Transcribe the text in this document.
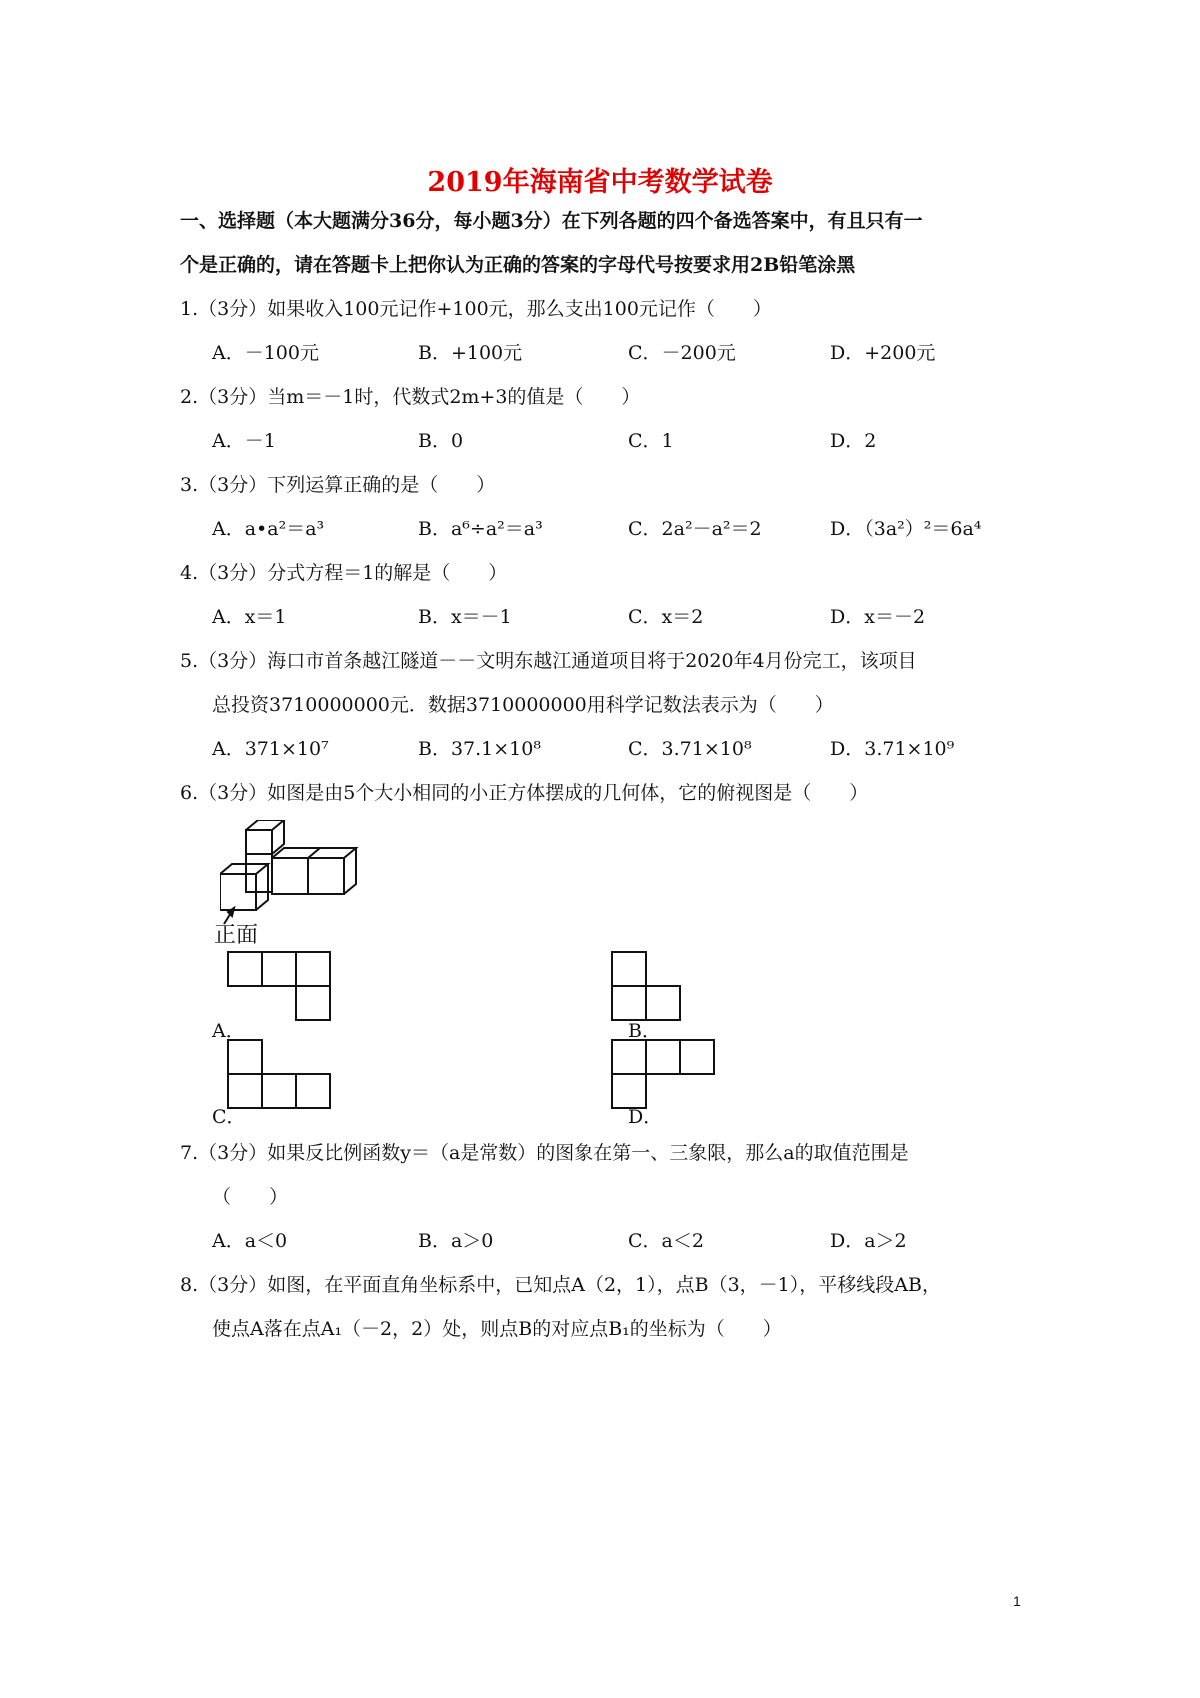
2019年海南省中考数学试卷
一、选择题（本大题满分36分，每小题3分）在下列各题的四个备选答案中，有且只有一
个是正确的，请在答题卡上把你认为正确的答案的字母代号按要求用2B铅笔涂黑
1.（3分）如果收入100元记作+100元，那么支出100元记作（　　）
A．－100元	B．+100元	C．－200元	D．+200元
2.（3分）当m＝－1时，代数式2m+3的值是（　　）
A．－1	B．0	C．1	D．2
3.（3分）下列运算正确的是（　　）
A．a•a²＝a³	B．a⁶÷a²＝a³	C．2a²－a²＝2	D．（3a²）²＝6a⁴
4.（3分）分式方程＝1的解是（　　）
A．x＝1	B．x＝－1	C．x＝2	D．x＝－2
5.（3分）海口市首条越江隧道－－文明东越江通道项目将于2020年4月份完工，该项目
总投资3710000000元．数据3710000000用科学记数法表示为（　　）
A．371×10⁷	B．37.1×10⁸	C．3.71×10⁸	D．3.71×10⁹
6.（3分）如图是由5个大小相同的小正方体摆成的几何体，它的俯视图是（　　）
正面
A．	B．
C．	D．
7.（3分）如果反比例函数y＝（a是常数）的图象在第一、三象限，那么a的取值范围是
（　　）
A．a＜0	B．a＞0	C．a＜2	D．a＞2
8.（3分）如图，在平面直角坐标系中，已知点A（2，1），点B（3，－1），平移线段AB，
使点A落在点A₁（－2，2）处，则点B的对应点B₁的坐标为（　　）
1
